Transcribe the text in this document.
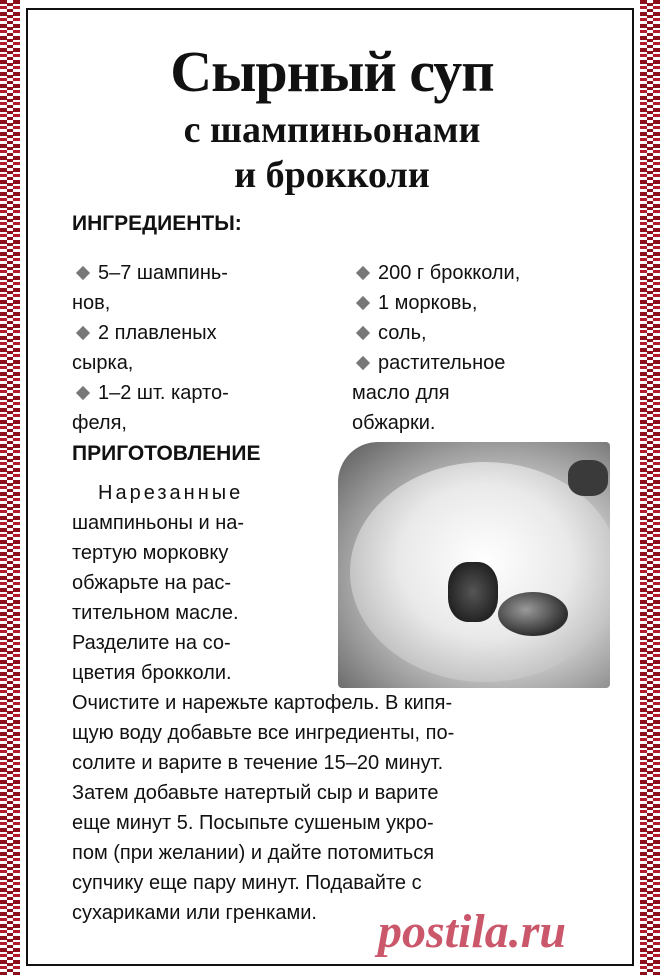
Сырный суп
с шампиньонами
и брокколи
ИНГРЕДИЕНТЫ:
5–7 шампинь-
нов,
2 плавленых
сырка,
1–2 шт. карто-
феля,
200 г брокколи,
1 морковь,
соль,
растительное
масло для
обжарки.
ПРИГОТОВЛЕНИЕ
Нарезанные
шампиньоны и на-
тертую морковку
обжарьте на рас-
тительном масле.
Разделите на со-
цветия брокколи.
Очистите и нарежьте картофель. В кипя-
щую воду добавьте все ингредиенты, по-
солите и варите в течение 15–20 минут.
Затем добавьте натертый сыр и варите
еще минут 5. Посыпьте сушеным укро-
пом (при желании) и дайте потомиться
супчику еще пару минут. Подавайте с
сухариками или гренками.	postila.ru
